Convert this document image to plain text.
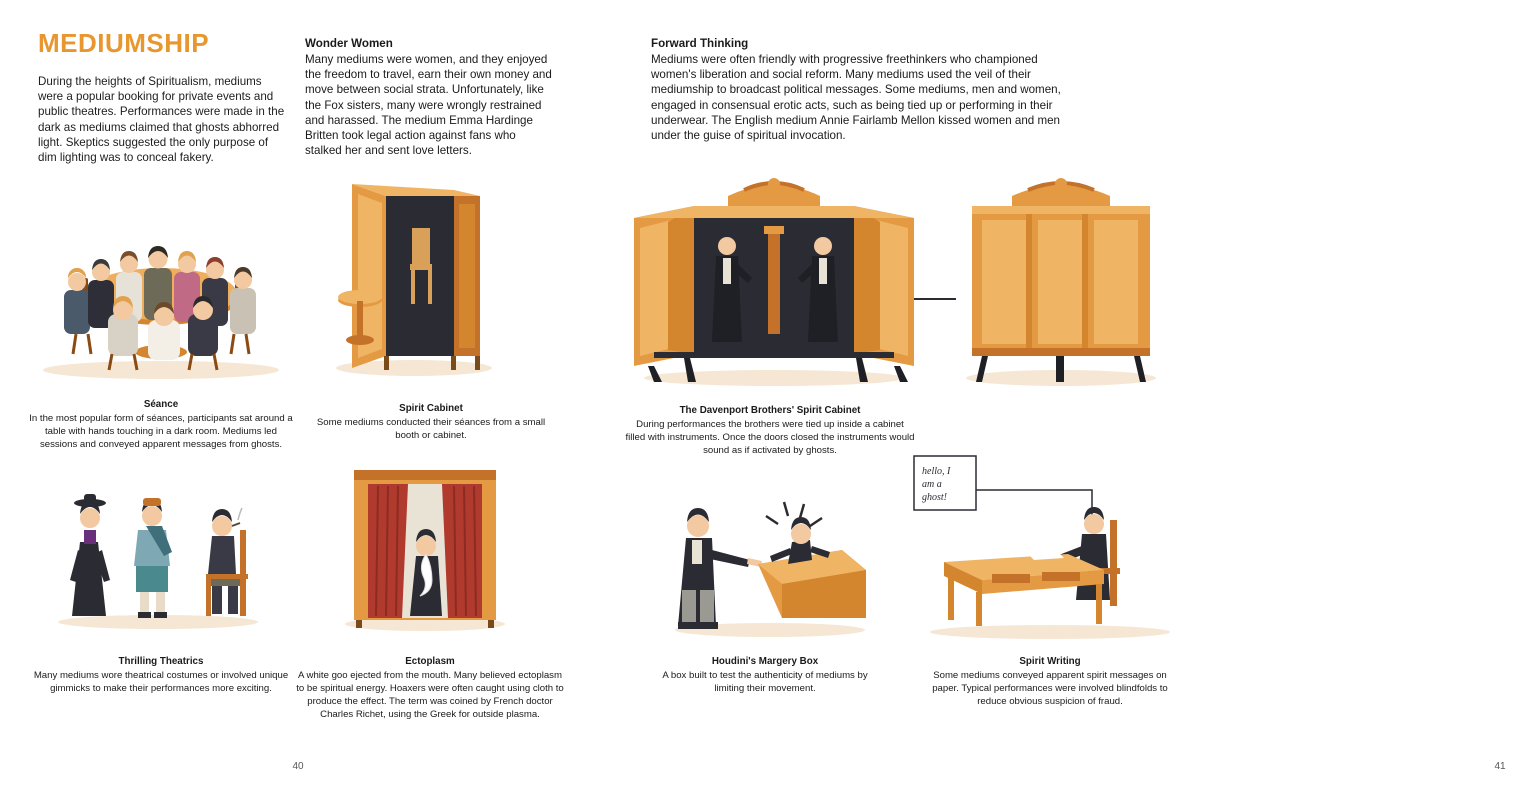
MEDIUMSHIP
During the heights of Spiritualism, mediums were a popular booking for private events and public theatres. Performances were made in the dark as mediums claimed that ghosts abhorred light. Skeptics suggested the only purpose of dim lighting was to conceal fakery.
Wonder Women
Many mediums were women, and they enjoyed the freedom to travel, earn their own money and move between social strata. Unfortunately, like the Fox sisters, many were wrongly restrained and harassed. The medium Emma Hardinge Britten took legal action against fans who stalked her and sent love letters.
Séance
In the most popular form of séances, participants sat around a table with hands touching in a dark room. Mediums led sessions and conveyed apparent messages from ghosts.
Spirit Cabinet
Some mediums conducted their séances from a small booth or cabinet.
Thrilling Theatrics
Many mediums wore theatrical costumes or involved unique gimmicks to make their performances more exciting.
Ectoplasm
A white goo ejected from the mouth. Many believed ectoplasm to be spiritual energy. Hoaxers were often caught using cloth to produce the effect. The term was coined by French doctor Charles Richet, using the Greek for outside plasma.
40
Forward Thinking
Mediums were often friendly with progressive freethinkers who championed women's liberation and social reform. Many mediums used the veil of their mediumship to broadcast political messages. Some mediums, men and women, engaged in consensual erotic acts, such as being tied up or performing in their underwear. The English medium Annie Fairlamb Mellon kissed women and men under the guise of spiritual invocation.
The Davenport Brothers' Spirit Cabinet
During performances the brothers were tied up inside a cabinet filled with instruments. Once the doors closed the instruments would sound as if activated by ghosts.
Houdini's Margery Box
A box built to test the authenticity of mediums by limiting their movement.
hello, I
am a
ghost!
Spirit Writing
Some mediums conveyed apparent spirit messages on paper. Typical performances were involved blindfolds to reduce obvious suspicion of fraud.
41
